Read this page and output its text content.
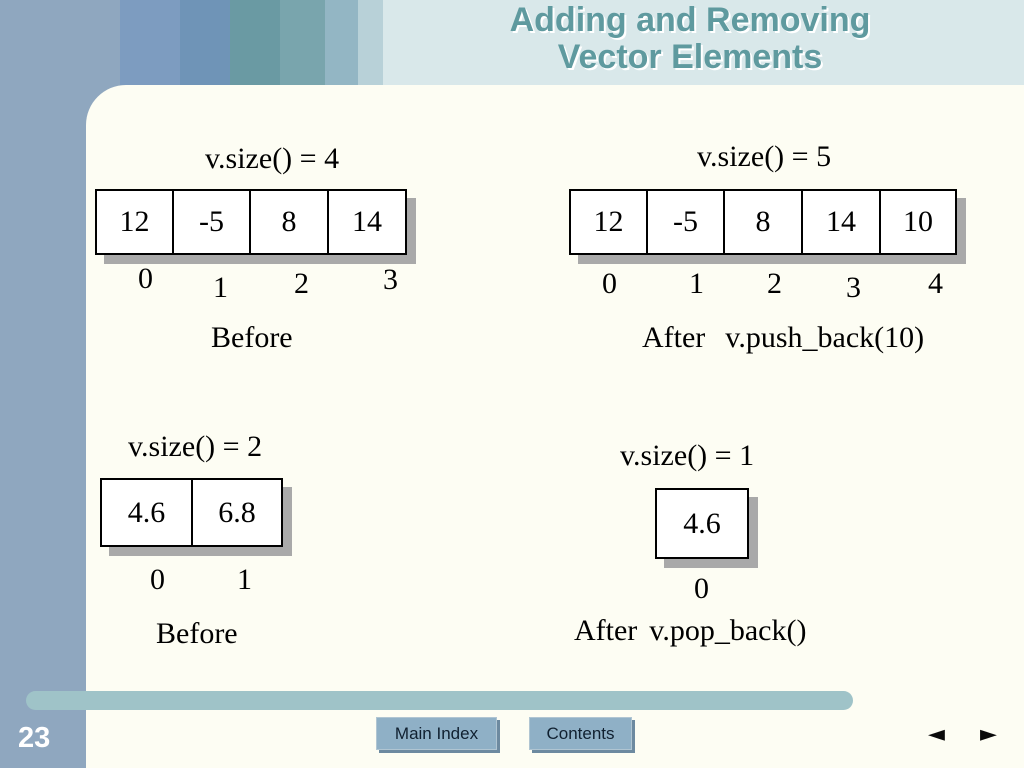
Adding and Removing
Vector Elements
v.size() = 4
12	-5	8	14
0 1 2 3
Before
v.size() = 5
12	-5	8	14	10
0 1 2 3 4
After v.push_back(10)
v.size() = 2
4.6	6.8
0 1
Before
v.size() = 1
4.6
0
After v.pop_back()
23	Main Index	Contents	◄ ►
